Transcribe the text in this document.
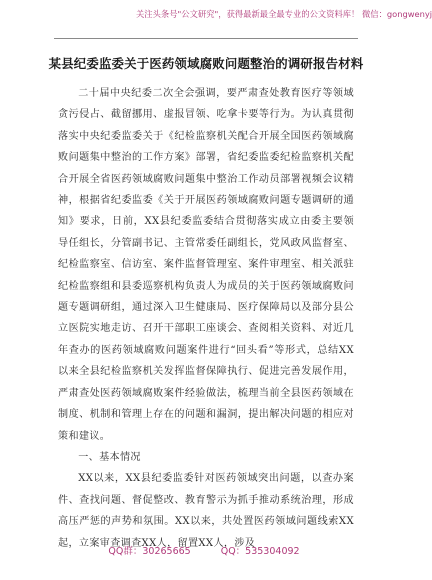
关注头条号"公文研究"，获得最新最全最专业的公文资料库！ 微信：gongwenyj
某县纪委监委关于医药领域腐败问题整治的调研报告材料

二十届中央纪委二次全会强调，要严肃查处教育医疗等领域贪污侵占、截留挪用、虚报冒领、吃拿卡要等行为。为认真贯彻落实中央纪委监委关于《纪检监察机关配合开展全国医药领域腐败问题集中整治的工作方案》部署，省纪委监委纪检监察机关配合开展全省医药领域腐败问题集中整治工作动员部署视频会议精神，根据省纪委监委《关于开展医药领域腐败问题专题调研的通知》要求，日前，XX县纪委监委结合贯彻落实成立由委主要领导任组长，分管副书记、主管常委任副组长，党风政风监督室、纪检监察室、信访室、案件监督管理室、案件审理室、相关派驻纪检监察组和县委巡察机构负责人为成员的关于医药领域腐败问题专题调研组，通过深入卫生健康局、医疗保障局以及部分县公立医院实地走访、召开干部职工座谈会、查阅相关资料、对近几年查办的医药领域腐败问题案件进行“回头看”等形式，总结XX以来全县纪检监察机关发挥监督保障执行、促进完善发展作用，严肃查处医药领域腐败案件经验做法，梳理当前全县医药领域在制度、机制和管理上存在的问题和漏洞，提出解决问题的相应对策和建议。

一、基本情况

XX以来，XX县纪委监委针对医药领域突出问题，以查办案件、查找问题、督促整改、教育警示为抓手推动系统治理，形成高压严惩的声势和氛围。XX以来，共处置医药领域问题线索XX起，立案审查调查XX人，留置XX人，涉及

QQ群：30265665	QQ：535304092
